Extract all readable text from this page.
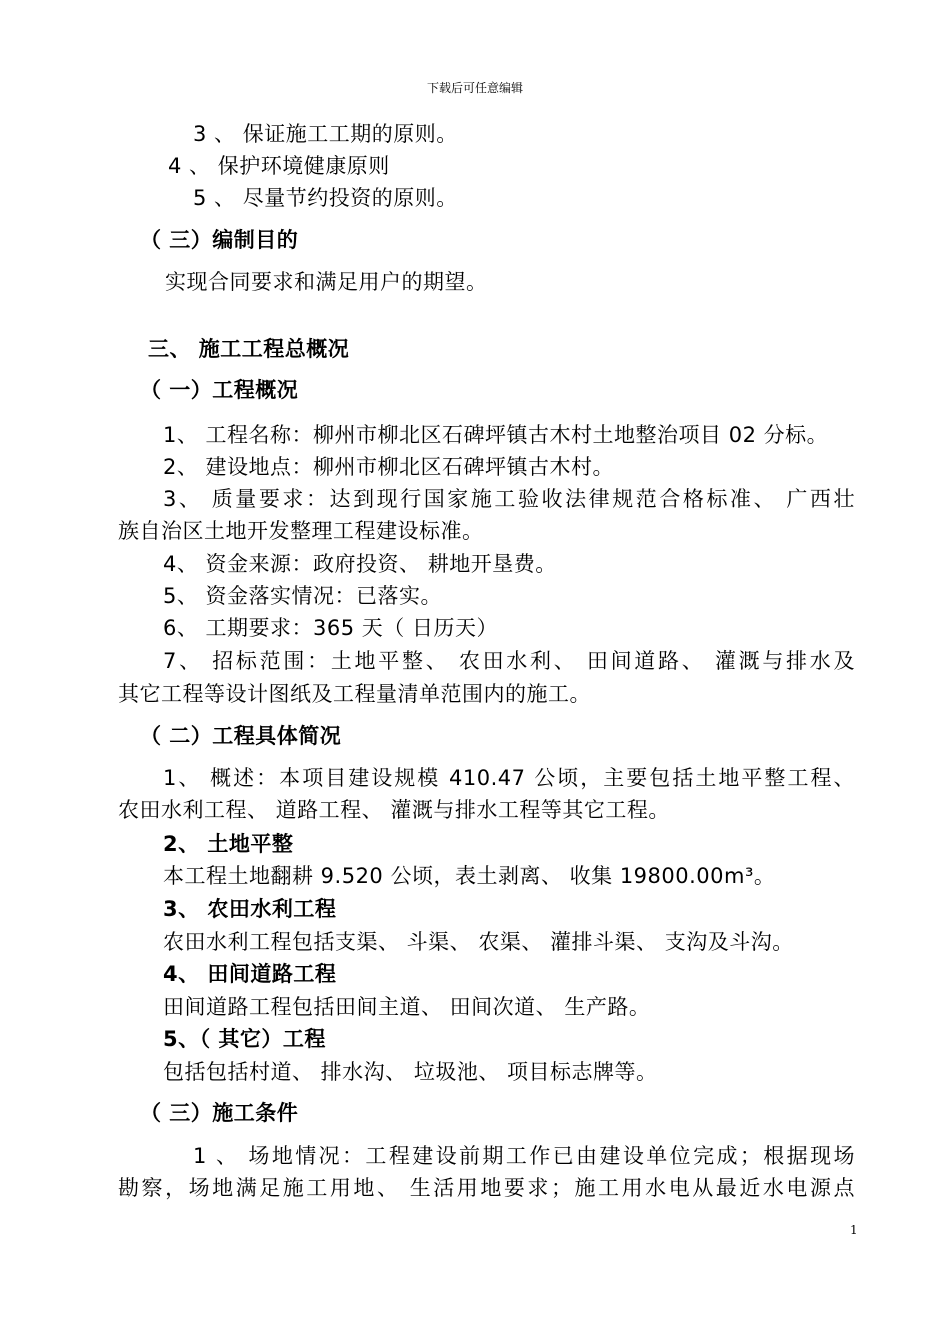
下载后可任意编辑
3 、 保证施工工期的原则。
4 、 保护环境健康原则
5 、 尽量节约投资的原则。
（ 三）编制目的
实现合同要求和满足用户的期望。
三、 施工工程总概况
（ 一）工程概况
1、 工程名称：柳州市柳北区石碑坪镇古木村土地整治项目 02 分标。
2、 建设地点：柳州市柳北区石碑坪镇古木村。
3、 质量要求：达到现行国家施工验收法律规范合格标准、 广西壮
族自治区土地开发整理工程建设标准。
4、 资金来源：政府投资、 耕地开垦费。
5、 资金落实情况：已落实。
6、 工期要求：365 天（ 日历天）
7、 招标范围：土地平整、 农田水利、 田间道路、 灌溉与排水及
其它工程等设计图纸及工程量清单范围内的施工。
（ 二）工程具体简况
1、 概述：本项目建设规模 410.47 公顷，主要包括土地平整工程、
农田水利工程、 道路工程、 灌溉与排水工程等其它工程。
2、 土地平整
本工程土地翻耕 9.520 公顷，表土剥离、 收集 19800.00m³。
3、 农田水利工程
农田水利工程包括支渠、 斗渠、 农渠、 灌排斗渠、 支沟及斗沟。
4、 田间道路工程
田间道路工程包括田间主道、 田间次道、 生产路。
5、（ 其它）工程
包括包括村道、 排水沟、 垃圾池、 项目标志牌等。
（ 三）施工条件
1 、 场地情况：工程建设前期工作已由建设单位完成；根据现场
勘察，场地满足施工用地、 生活用地要求；施工用水电从最近水电源点
1
